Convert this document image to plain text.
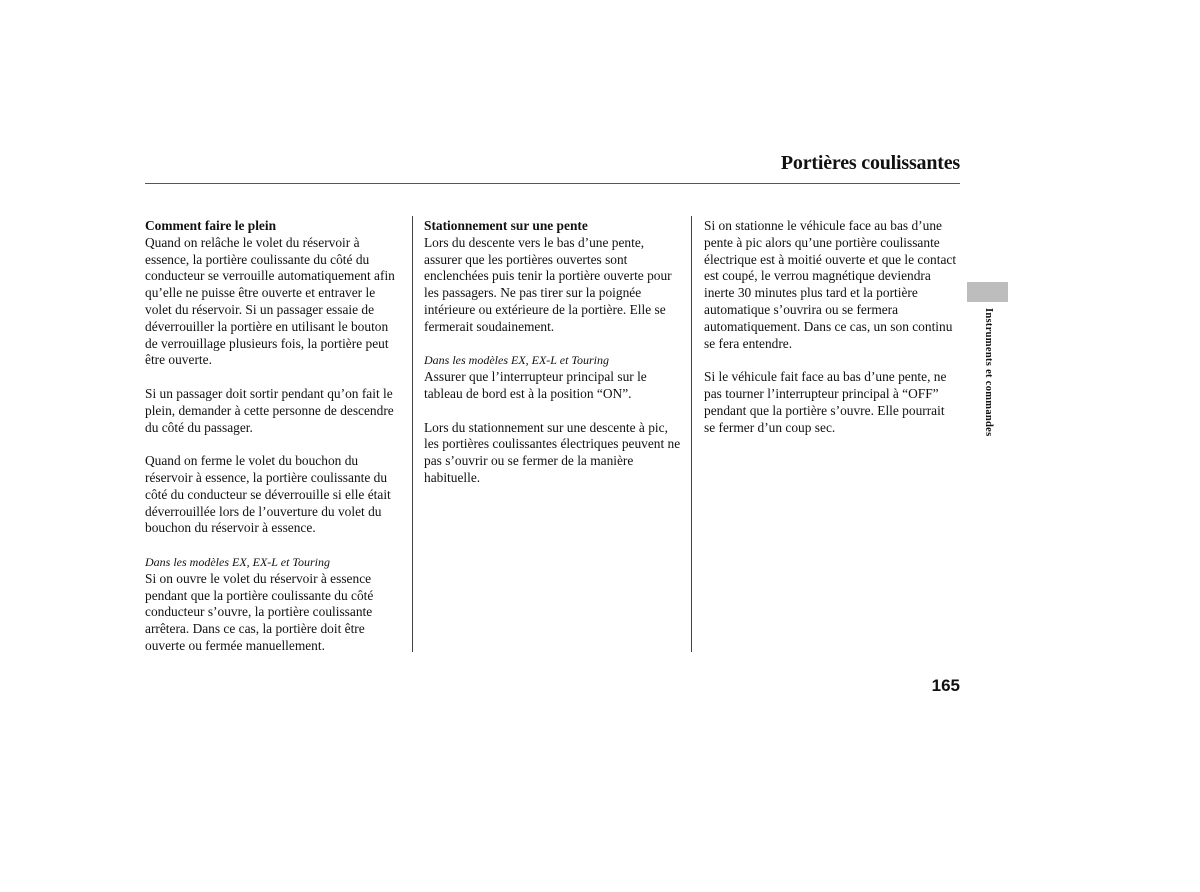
Portières coulissantes

Comment faire le plein
Quand on relâche le volet du réservoir à essence, la portière coulissante du côté du conducteur se verrouille automatiquement afin qu’elle ne puisse être ouverte et entraver le volet du réservoir. Si un passager essaie de déverrouiller la portière en utilisant le bouton de verrouillage plusieurs fois, la portière peut être ouverte.

Si un passager doit sortir pendant qu’on fait le plein, demander à cette personne de descendre du côté du passager.

Quand on ferme le volet du bouchon du réservoir à essence, la portière coulissante du côté du conducteur se déverrouille si elle était déverrouillée lors de l’ouverture du volet du bouchon du réservoir à essence.

Dans les modèles EX, EX-L et Touring
Si on ouvre le volet du réservoir à essence pendant que la portière coulissante du côté conducteur s’ouvre, la portière coulissante arrêtera. Dans ce cas, la portière doit être ouverte ou fermée manuellement.

Stationnement sur une pente
Lors du descente vers le bas d’une pente, assurer que les portières ouvertes sont enclenchées puis tenir la portière ouverte pour les passagers. Ne pas tirer sur la poignée intérieure ou extérieure de la portière. Elle se fermerait soudainement.

Dans les modèles EX, EX-L et Touring
Assurer que l’interrupteur principal sur le tableau de bord est à la position “ON”.

Lors du stationnement sur une descente à pic, les portières coulissantes électriques peuvent ne pas s’ouvrir ou se fermer de la manière habituelle.

Si on stationne le véhicule face au bas d’une pente à pic alors qu’une portière coulissante électrique est à moitié ouverte et que le contact est coupé, le verrou magnétique deviendra inerte 30 minutes plus tard et la portière automatique s’ouvrira ou se fermera automatiquement. Dans ce cas, un son continu se fera entendre.

Si le véhicule fait face au bas d’une pente, ne pas tourner l’interrupteur principal à “OFF” pendant que la portière s’ouvre. Elle pourrait se fermer d’un coup sec.	Instruments et commandes
165
